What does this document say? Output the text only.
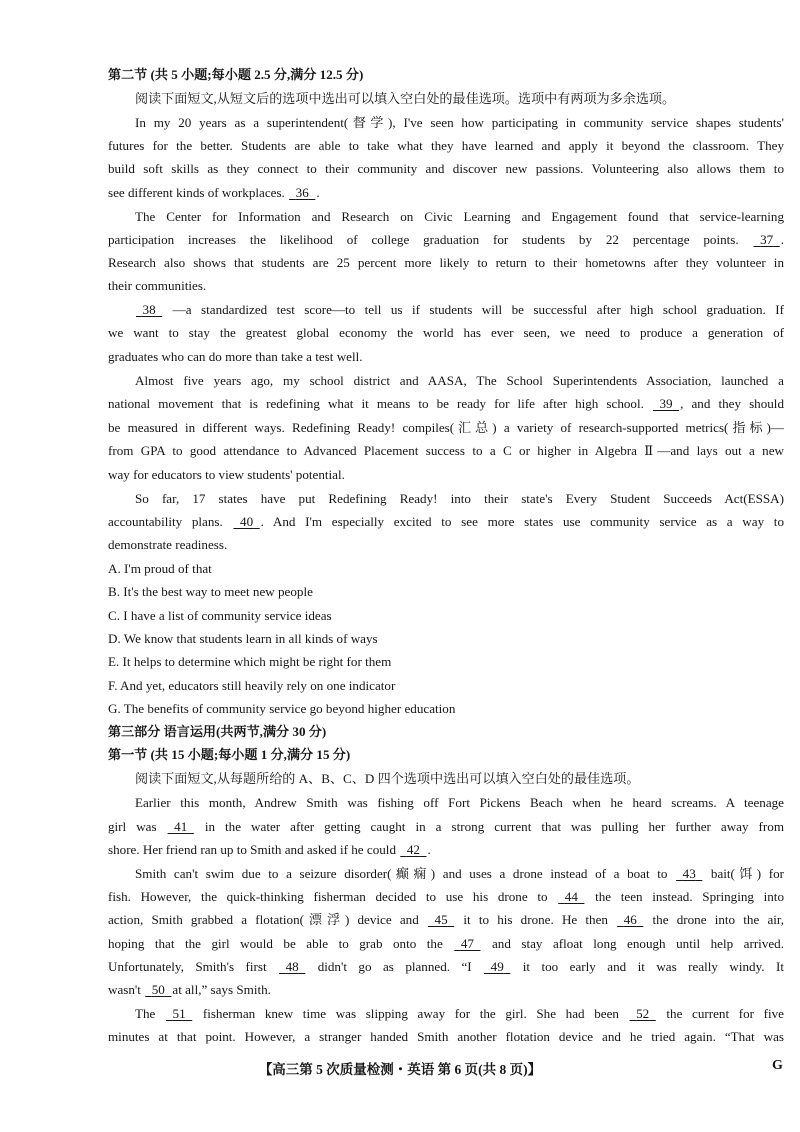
第二节 (共 5 小题;每小题 2.5 分,满分 12.5 分)
阅读下面短文,从短文后的选项中选出可以填入空白处的最佳选项。选项中有两项为多余选项。
In my 20 years as a superintendent(督学), I've seen how participating in community service shapes students'
futures for the better. Students are able to take what they have learned and apply it beyond the classroom. They
build soft skills as they connect to their community and discover new passions. Volunteering also allows them to
see different kinds of workplaces. 36 .
The Center for Information and Research on Civic Learning and Engagement found that service-learning
participation increases the likelihood of college graduation for students by 22 percentage points. 37 .
Research also shows that students are 25 percent more likely to return to their hometowns after they volunteer in
their communities.
38 —a standardized test score—to tell us if students will be successful after high school graduation. If
we want to stay the greatest global economy the world has ever seen, we need to produce a generation of
graduates who can do more than take a test well.
Almost five years ago, my school district and AASA, The School Superintendents Association, launched a
national movement that is redefining what it means to be ready for life after high school. 39 , and they should
be measured in different ways. Redefining Ready! compiles(汇总) a variety of research-supported metrics(指标)—
from GPA to good attendance to Advanced Placement success to a C or higher in Algebra Ⅱ—and lays out a new
way for educators to view students' potential.
So far, 17 states have put Redefining Ready! into their state's Every Student Succeeds Act(ESSA)
accountability plans. 40 . And I'm especially excited to see more states use community service as a way to
demonstrate readiness.
A. I'm proud of that
B. It's the best way to meet new people
C. I have a list of community service ideas
D. We know that students learn in all kinds of ways
E. It helps to determine which might be right for them
F. And yet, educators still heavily rely on one indicator
G. The benefits of community service go beyond higher education
第三部分 语言运用(共两节,满分 30 分)
第一节 (共 15 小题;每小题 1 分,满分 15 分)
阅读下面短文,从每题所给的 A、B、C、D 四个选项中选出可以填入空白处的最佳选项。
Earlier this month, Andrew Smith was fishing off Fort Pickens Beach when he heard screams. A teenage
girl was 41 in the water after getting caught in a strong current that was pulling her further away from
shore. Her friend ran up to Smith and asked if he could 42 .
Smith can't swim due to a seizure disorder(癫痫) and uses a drone instead of a boat to 43 bait(饵) for
fish. However, the quick-thinking fisherman decided to use his drone to 44 the teen instead. Springing into
action, Smith grabbed a flotation(漂浮) device and 45 it to his drone. He then 46 the drone into the air,
hoping that the girl would be able to grab onto the 47 and stay afloat long enough until help arrived.
Unfortunately, Smith's first 48 didn't go as planned. “I 49 it too early and it was really windy. It
wasn't 50 at all,” says Smith.
The 51 fisherman knew time was slipping away for the girl. She had been 52 the current for five
minutes at that point. However, a stranger handed Smith another flotation device and he tried again. “That was
【高三第 5 次质量检测・英语 第 6 页(共 8 页)】	G
